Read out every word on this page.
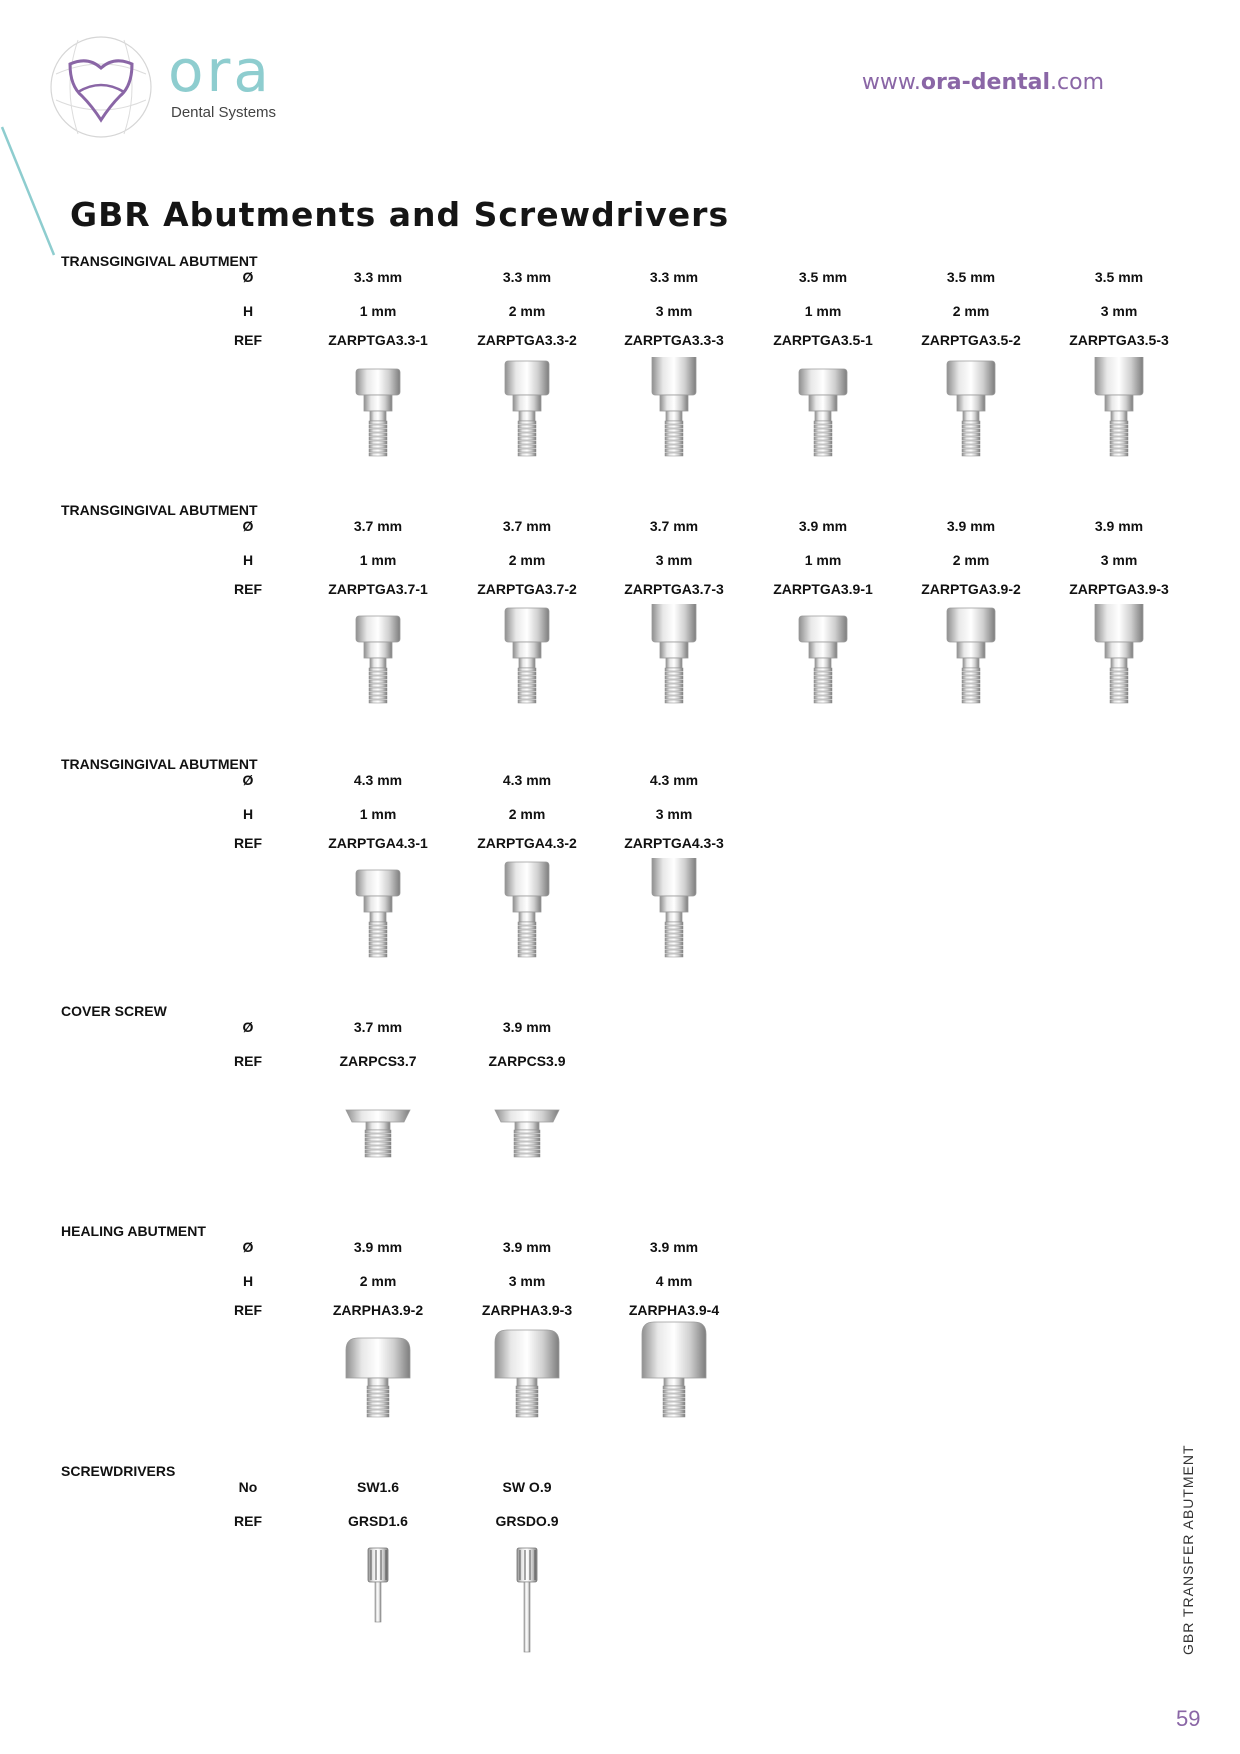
ora
Dental Systems
www.ora-dental.com
GBR Abutments and Screwdrivers
TRANSGINGIVAL ABUTMENT
Ø	3.3 mm	3.3 mm	3.3 mm	3.5 mm	3.5 mm	3.5 mm
H	1 mm	2 mm	3 mm	1 mm	2 mm	3 mm
REF	ZARPTGA3.3-1	ZARPTGA3.3-2	ZARPTGA3.3-3	ZARPTGA3.5-1	ZARPTGA3.5-2	ZARPTGA3.5-3
TRANSGINGIVAL ABUTMENT
Ø	3.7 mm	3.7 mm	3.7 mm	3.9 mm	3.9 mm	3.9 mm
H	1 mm	2 mm	3 mm	1 mm	2 mm	3 mm
REF	ZARPTGA3.7-1	ZARPTGA3.7-2	ZARPTGA3.7-3	ZARPTGA3.9-1	ZARPTGA3.9-2	ZARPTGA3.9-3
TRANSGINGIVAL ABUTMENT
Ø	4.3 mm	4.3 mm	4.3 mm
H	1 mm	2 mm	3 mm
REF	ZARPTGA4.3-1	ZARPTGA4.3-2	ZARPTGA4.3-3
COVER SCREW
Ø	3.7 mm	3.9 mm
REF	ZARPCS3.7	ZARPCS3.9
HEALING ABUTMENT
Ø	3.9 mm	3.9 mm	3.9 mm
H	2 mm	3 mm	4 mm
REF	ZARPHA3.9-2	ZARPHA3.9-3	ZARPHA3.9-4
SCREWDRIVERS
No	SW1.6	SW O.9
REF	GRSD1.6	GRSDO.9	GBR TRANSFER ABUTMENT
59
